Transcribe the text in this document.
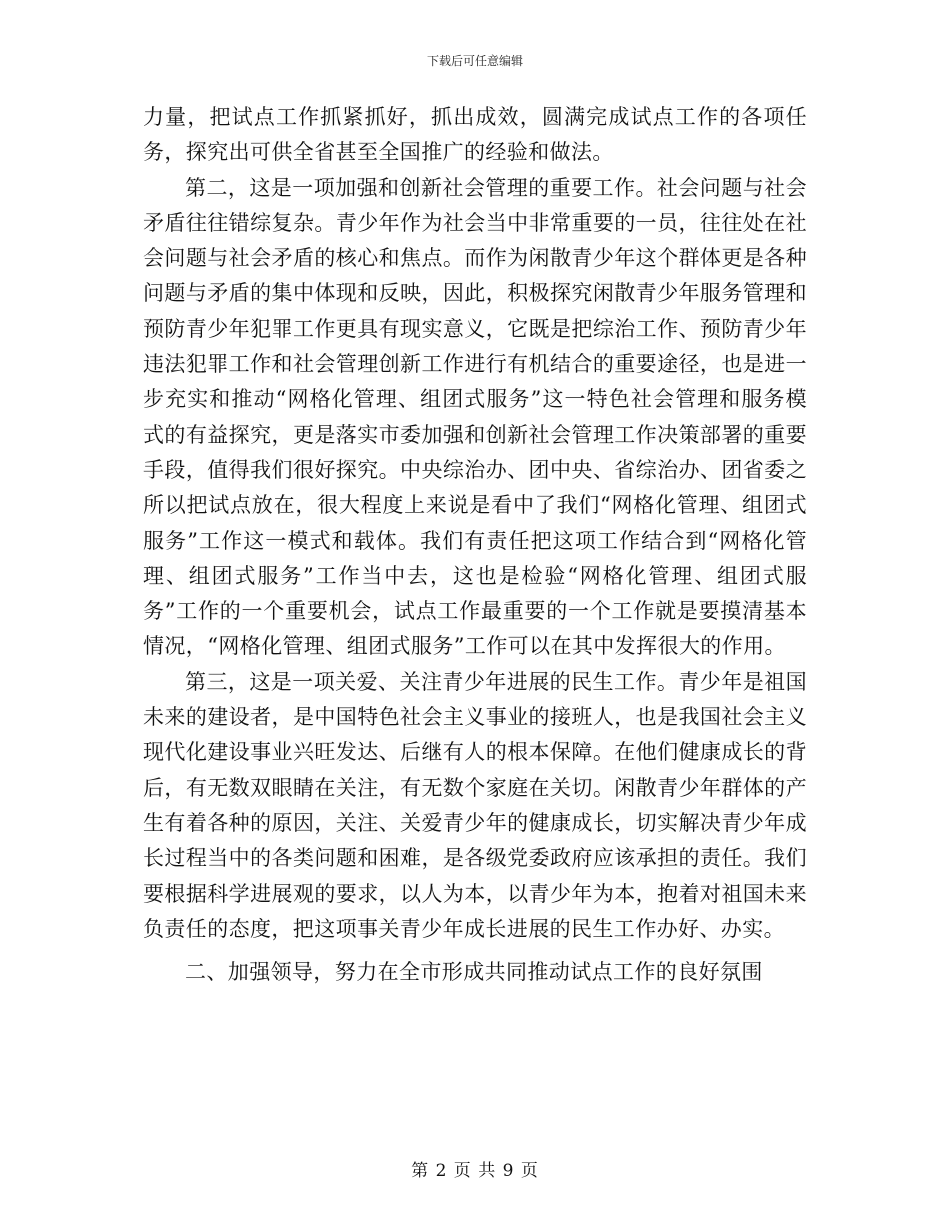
下载后可任意编辑

力量，把试点工作抓紧抓好，抓出成效，圆满完成试点工作的各项任务，探究出可供全省甚至全国推广的经验和做法。

第二，这是一项加强和创新社会管理的重要工作。社会问题与社会矛盾往往错综复杂。青少年作为社会当中非常重要的一员，往往处在社会问题与社会矛盾的核心和焦点。而作为闲散青少年这个群体更是各种问题与矛盾的集中体现和反映，因此，积极探究闲散青少年服务管理和预防青少年犯罪工作更具有现实意义，它既是把综治工作、预防青少年违法犯罪工作和社会管理创新工作进行有机结合的重要途径，也是进一步充实和推动“网格化管理、组团式服务”这一特色社会管理和服务模式的有益探究，更是落实市委加强和创新社会管理工作决策部署的重要手段，值得我们很好探究。中央综治办、团中央、省综治办、团省委之所以把试点放在，很大程度上来说是看中了我们“网格化管理、组团式服务”工作这一模式和载体。我们有责任把这项工作结合到“网格化管理、组团式服务”工作当中去，这也是检验“网格化管理、组团式服务”工作的一个重要机会，试点工作最重要的一个工作就是要摸清基本情况，“网格化管理、组团式服务”工作可以在其中发挥很大的作用。

第三，这是一项关爱、关注青少年进展的民生工作。青少年是祖国未来的建设者，是中国特色社会主义事业的接班人，也是我国社会主义现代化建设事业兴旺发达、后继有人的根本保障。在他们健康成长的背后，有无数双眼睛在关注，有无数个家庭在关切。闲散青少年群体的产生有着各种的原因，关注、关爱青少年的健康成长，切实解决青少年成长过程当中的各类问题和困难，是各级党委政府应该承担的责任。我们要根据科学进展观的要求，以人为本，以青少年为本，抱着对祖国未来负责任的态度，把这项事关青少年成长进展的民生工作办好、办实。

二、加强领导，努力在全市形成共同推动试点工作的良好氛围

第 2 页 共 9 页
